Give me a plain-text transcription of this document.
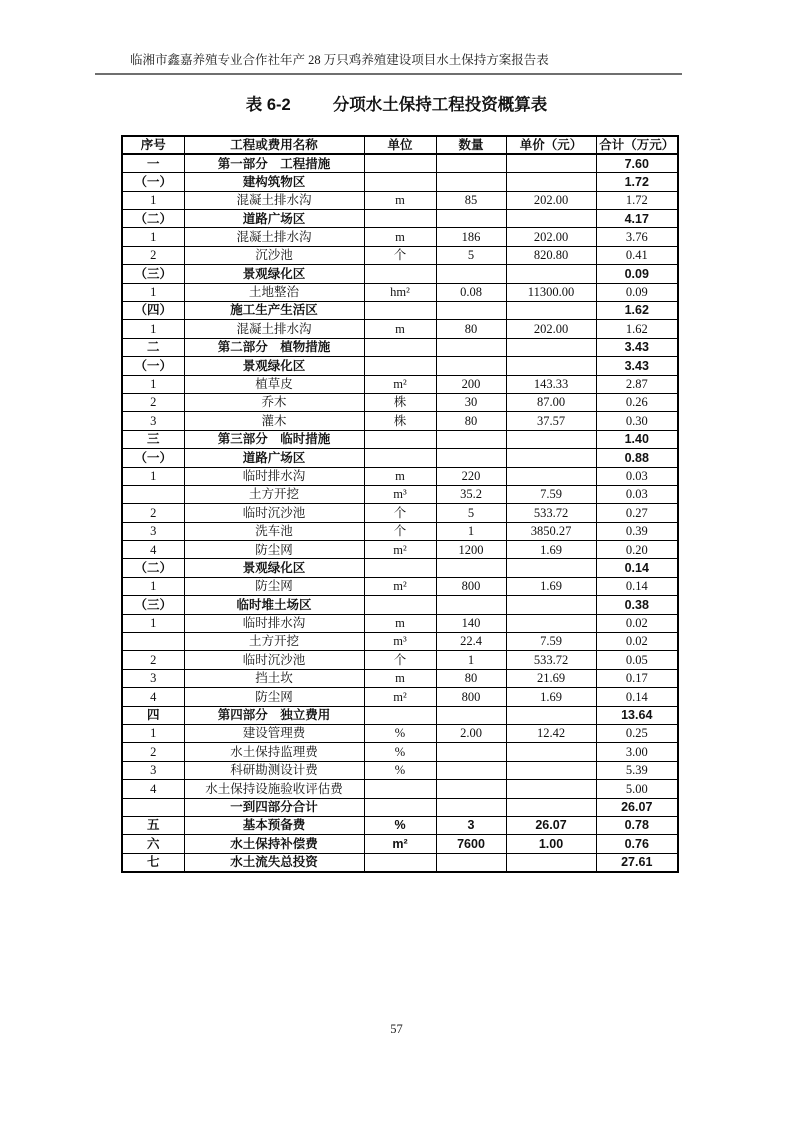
临湘市鑫嘉养殖专业合作社年产 28 万只鸡养殖建设项目水土保持方案报告表
表 6-2	分项水土保持工程投资概算表
序号	工程或费用名称	单位	数量	单价（元）	合计（万元）
一	第一部分　工程措施				7.60
（一）	建构筑物区				1.72
1	混凝土排水沟	m	85	202.00	1.72
（二）	道路广场区				4.17
1	混凝土排水沟	m	186	202.00	3.76
2	沉沙池	个	5	820.80	0.41
（三）	景观绿化区				0.09
1	土地整治	hm²	0.08	11300.00	0.09
（四）	施工生产生活区				1.62
1	混凝土排水沟	m	80	202.00	1.62
二	第二部分　植物措施				3.43
（一）	景观绿化区				3.43
1	植草皮	m²	200	143.33	2.87
2	乔木	株	30	87.00	0.26
3	灌木	株	80	37.57	0.30
三	第三部分　临时措施				1.40
（一）	道路广场区				0.88
1	临时排水沟	m	220		0.03
	土方开挖	m³	35.2	7.59	0.03
2	临时沉沙池	个	5	533.72	0.27
3	洗车池	个	1	3850.27	0.39
4	防尘网	m²	1200	1.69	0.20
（二）	景观绿化区				0.14
1	防尘网	m²	800	1.69	0.14
（三）	临时堆土场区				0.38
1	临时排水沟	m	140		0.02
	土方开挖	m³	22.4	7.59	0.02
2	临时沉沙池	个	1	533.72	0.05
3	挡土坎	m	80	21.69	0.17
4	防尘网	m²	800	1.69	0.14
四	第四部分　独立费用				13.64
1	建设管理费	%	2.00	12.42	0.25
2	水土保持监理费	%			3.00
3	科研勘测设计费	%			5.39
4	水土保持设施验收评估费				5.00
	一到四部分合计				26.07
五	基本预备费	%	3	26.07	0.78
六	水土保持补偿费	m²	7600	1.00	0.76
七	水土流失总投资				27.61
57
